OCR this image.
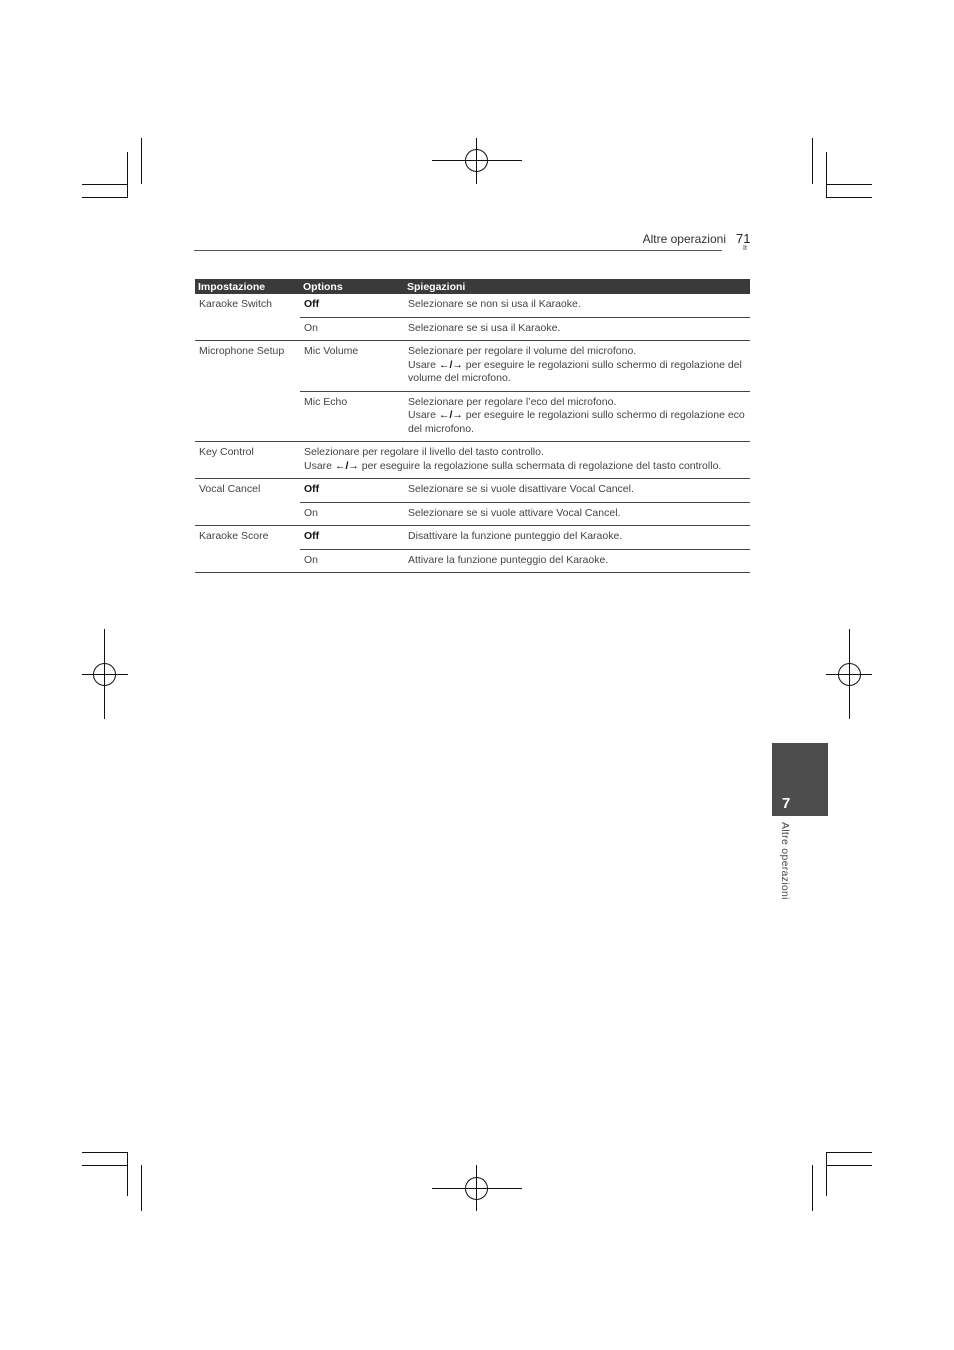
Altre operazioni 71
It
Impostazione	Options	Spiegazioni
Karaoke Switch	Off	Selezionare se non si usa il Karaoke.
	On	Selezionare se si usa il Karaoke.
Microphone Setup	Mic Volume	Selezionare per regolare il volume del microfono.
Usare ←/→ per eseguire le regolazioni sullo schermo di regolazione del volume del microfono.
	Mic Echo	Selezionare per regolare l’eco del microfono.
Usare ←/→ per eseguire le regolazioni sullo schermo di regolazione eco del microfono.
Key Control	Selezionare per regolare il livello del tasto controllo.
Usare ←/→ per eseguire la regolazione sulla schermata di regolazione del tasto controllo.	
Vocal Cancel	Off	Selezionare se si vuole disattivare Vocal Cancel.
	On	Selezionare se si vuole attivare Vocal Cancel.
Karaoke Score	Off	Disattivare la funzione punteggio del Karaoke.
	On	Attivare la funzione punteggio del Karaoke.
7
Altre operazioni
